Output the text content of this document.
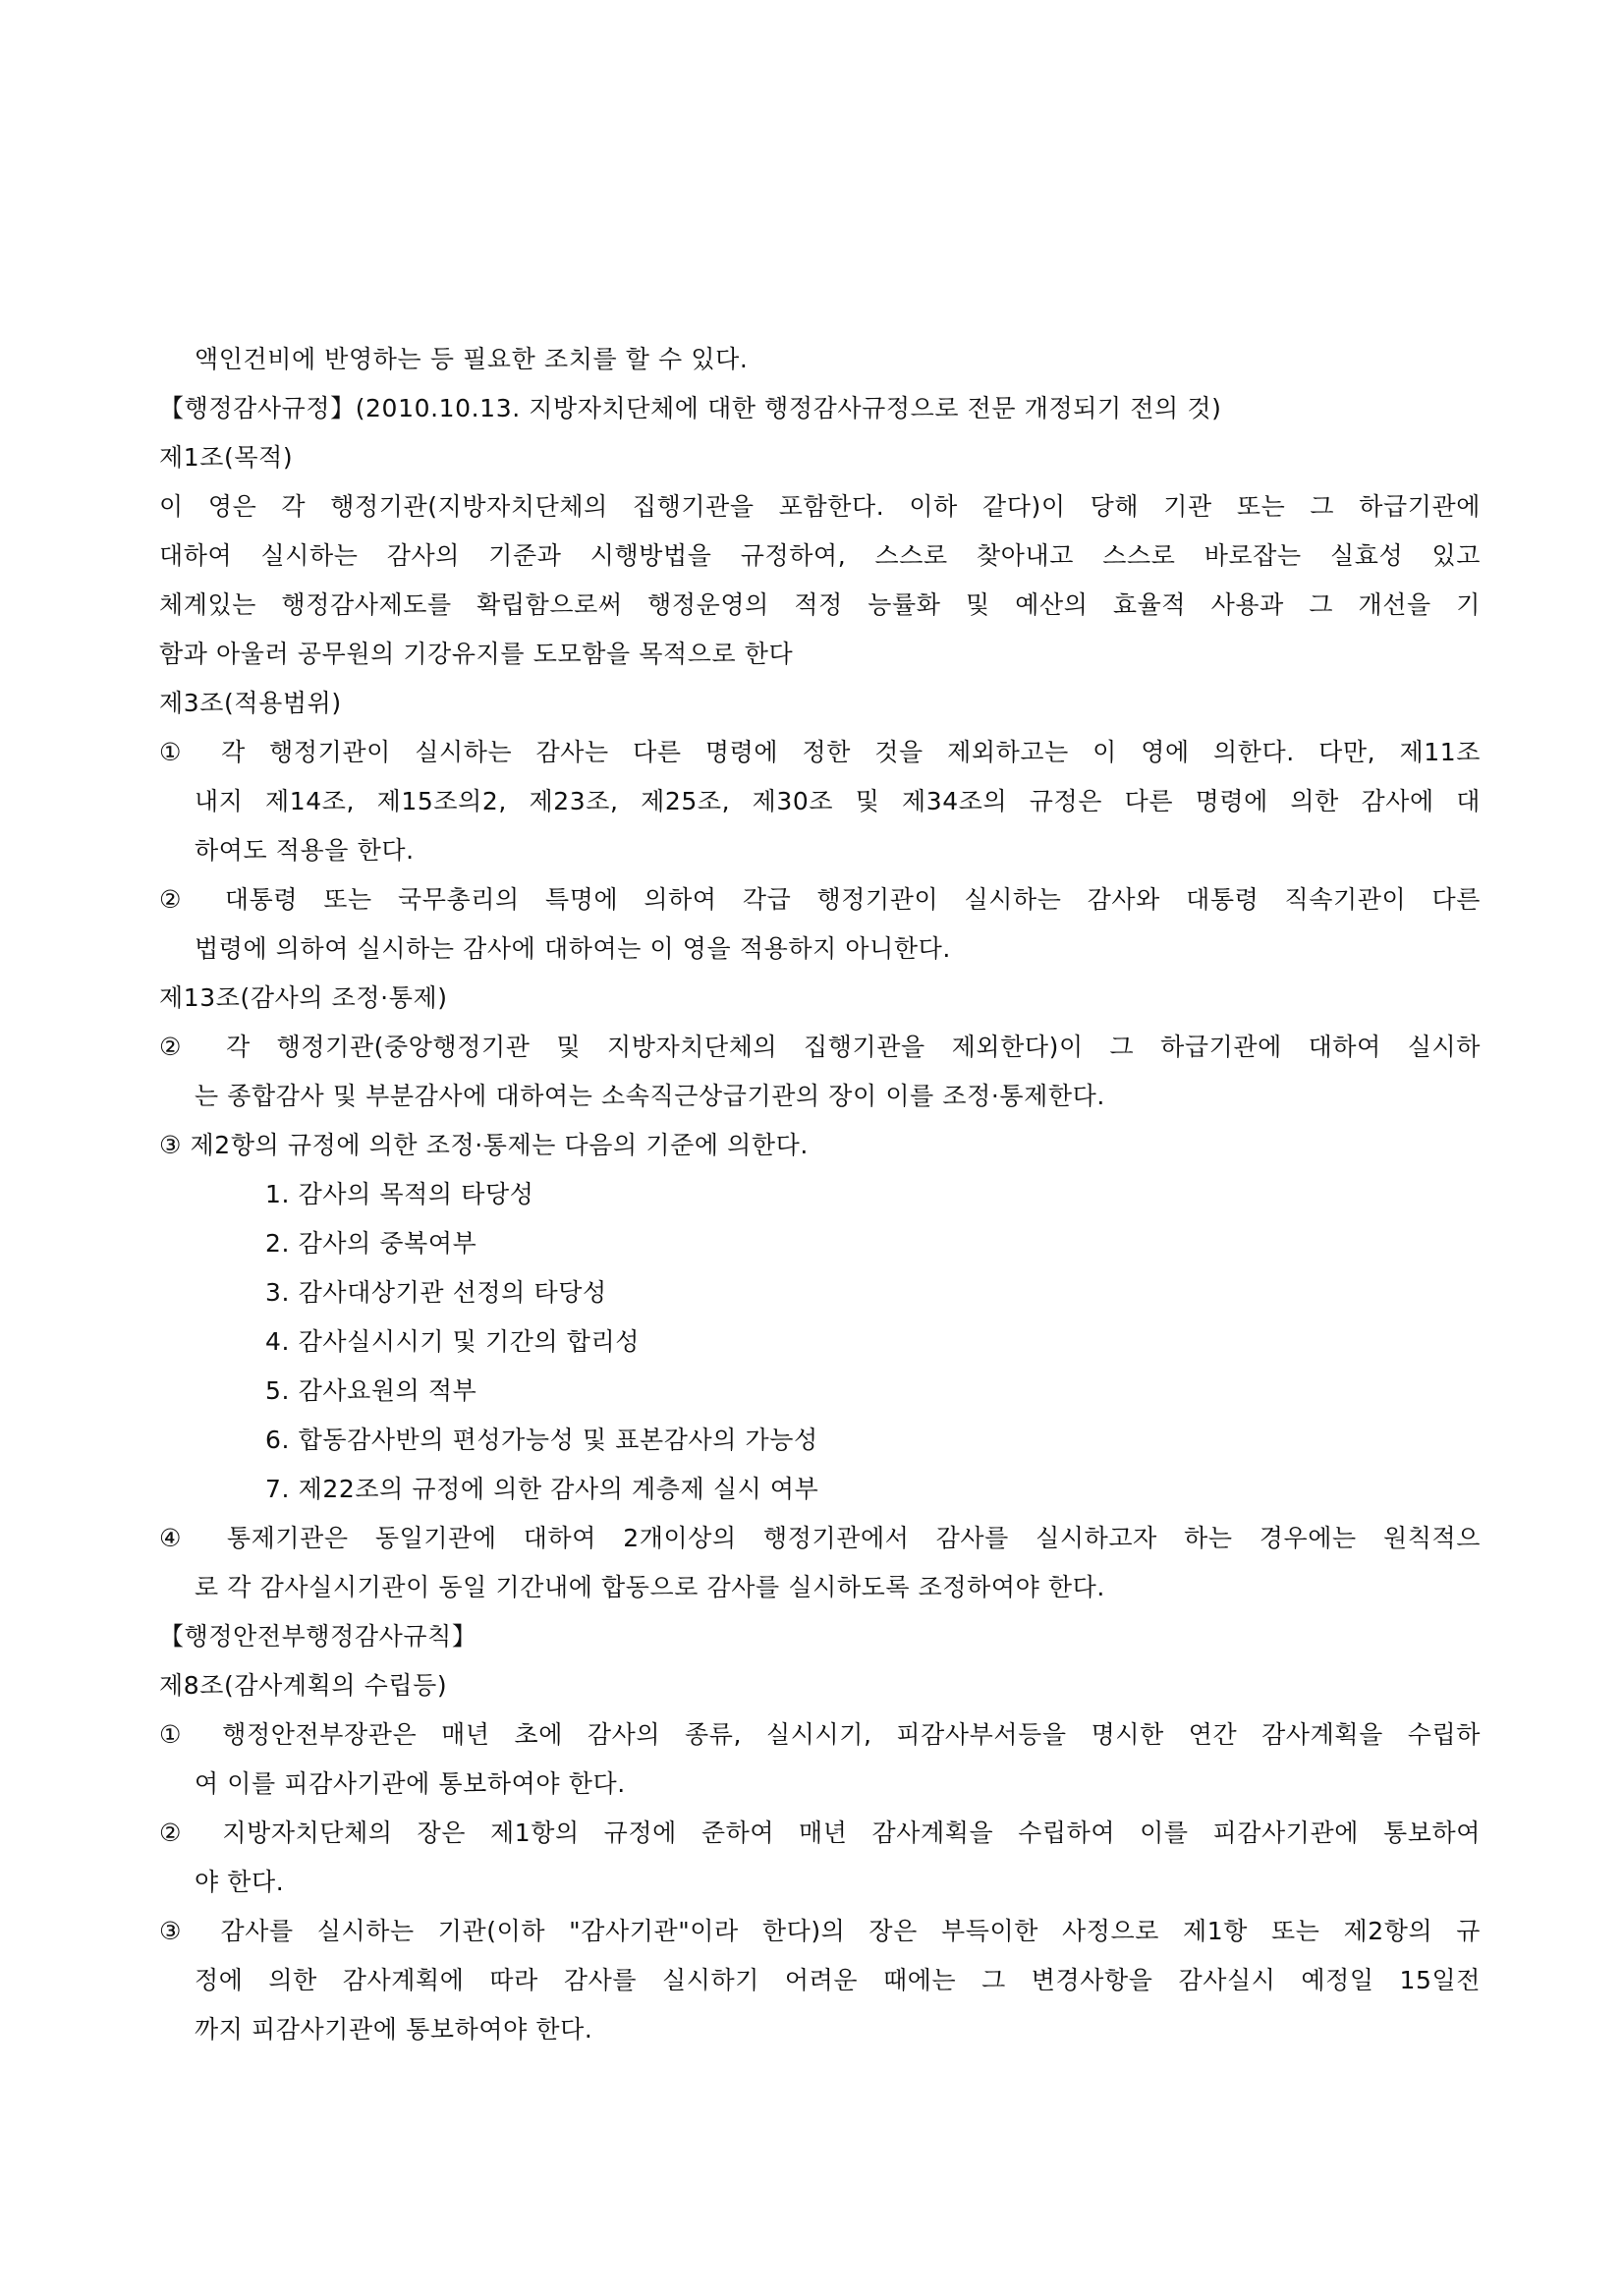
액인건비에 반영하는 등 필요한 조치를 할 수 있다.
【행정감사규정】(2010.10.13. 지방자치단체에 대한 행정감사규정으로 전문 개정되기 전의 것)
제1조(목적)
이 영은 각 행정기관(지방자치단체의 집행기관을 포함한다. 이하 같다)이 당해 기관 또는 그 하급기관에
대하여 실시하는 감사의 기준과 시행방법을 규정하여, 스스로 찾아내고 스스로 바로잡는 실효성 있고
체계있는 행정감사제도를 확립함으로써 행정운영의 적정 능률화 및 예산의 효율적 사용과 그 개선을 기
함과 아울러 공무원의 기강유지를 도모함을 목적으로 한다
제3조(적용범위)
① 각 행정기관이 실시하는 감사는 다른 명령에 정한 것을 제외하고는 이 영에 의한다. 다만, 제11조
내지 제14조, 제15조의2, 제23조, 제25조, 제30조 및 제34조의 규정은 다른 명령에 의한 감사에 대
하여도 적용을 한다.
② 대통령 또는 국무총리의 특명에 의하여 각급 행정기관이 실시하는 감사와 대통령 직속기관이 다른
법령에 의하여 실시하는 감사에 대하여는 이 영을 적용하지 아니한다.
제13조(감사의 조정·통제)
② 각 행정기관(중앙행정기관 및 지방자치단체의 집행기관을 제외한다)이 그 하급기관에 대하여 실시하
는 종합감사 및 부분감사에 대하여는 소속직근상급기관의 장이 이를 조정·통제한다.
③ 제2항의 규정에 의한 조정·통제는 다음의 기준에 의한다.
1. 감사의 목적의 타당성
2. 감사의 중복여부
3. 감사대상기관 선정의 타당성
4. 감사실시시기 및 기간의 합리성
5. 감사요원의 적부
6. 합동감사반의 편성가능성 및 표본감사의 가능성
7. 제22조의 규정에 의한 감사의 계층제 실시 여부
④ 통제기관은 동일기관에 대하여 2개이상의 행정기관에서 감사를 실시하고자 하는 경우에는 원칙적으
로 각 감사실시기관이 동일 기간내에 합동으로 감사를 실시하도록 조정하여야 한다.
【행정안전부행정감사규칙】
제8조(감사계획의 수립등)
① 행정안전부장관은 매년 초에 감사의 종류, 실시시기, 피감사부서등을 명시한 연간 감사계획을 수립하
여 이를 피감사기관에 통보하여야 한다.
② 지방자치단체의 장은 제1항의 규정에 준하여 매년 감사계획을 수립하여 이를 피감사기관에 통보하여
야 한다.
③ 감사를 실시하는 기관(이하 "감사기관"이라 한다)의 장은 부득이한 사정으로 제1항 또는 제2항의 규
정에 의한 감사계획에 따라 감사를 실시하기 어려운 때에는 그 변경사항을 감사실시 예정일 15일전
까지 피감사기관에 통보하여야 한다.
